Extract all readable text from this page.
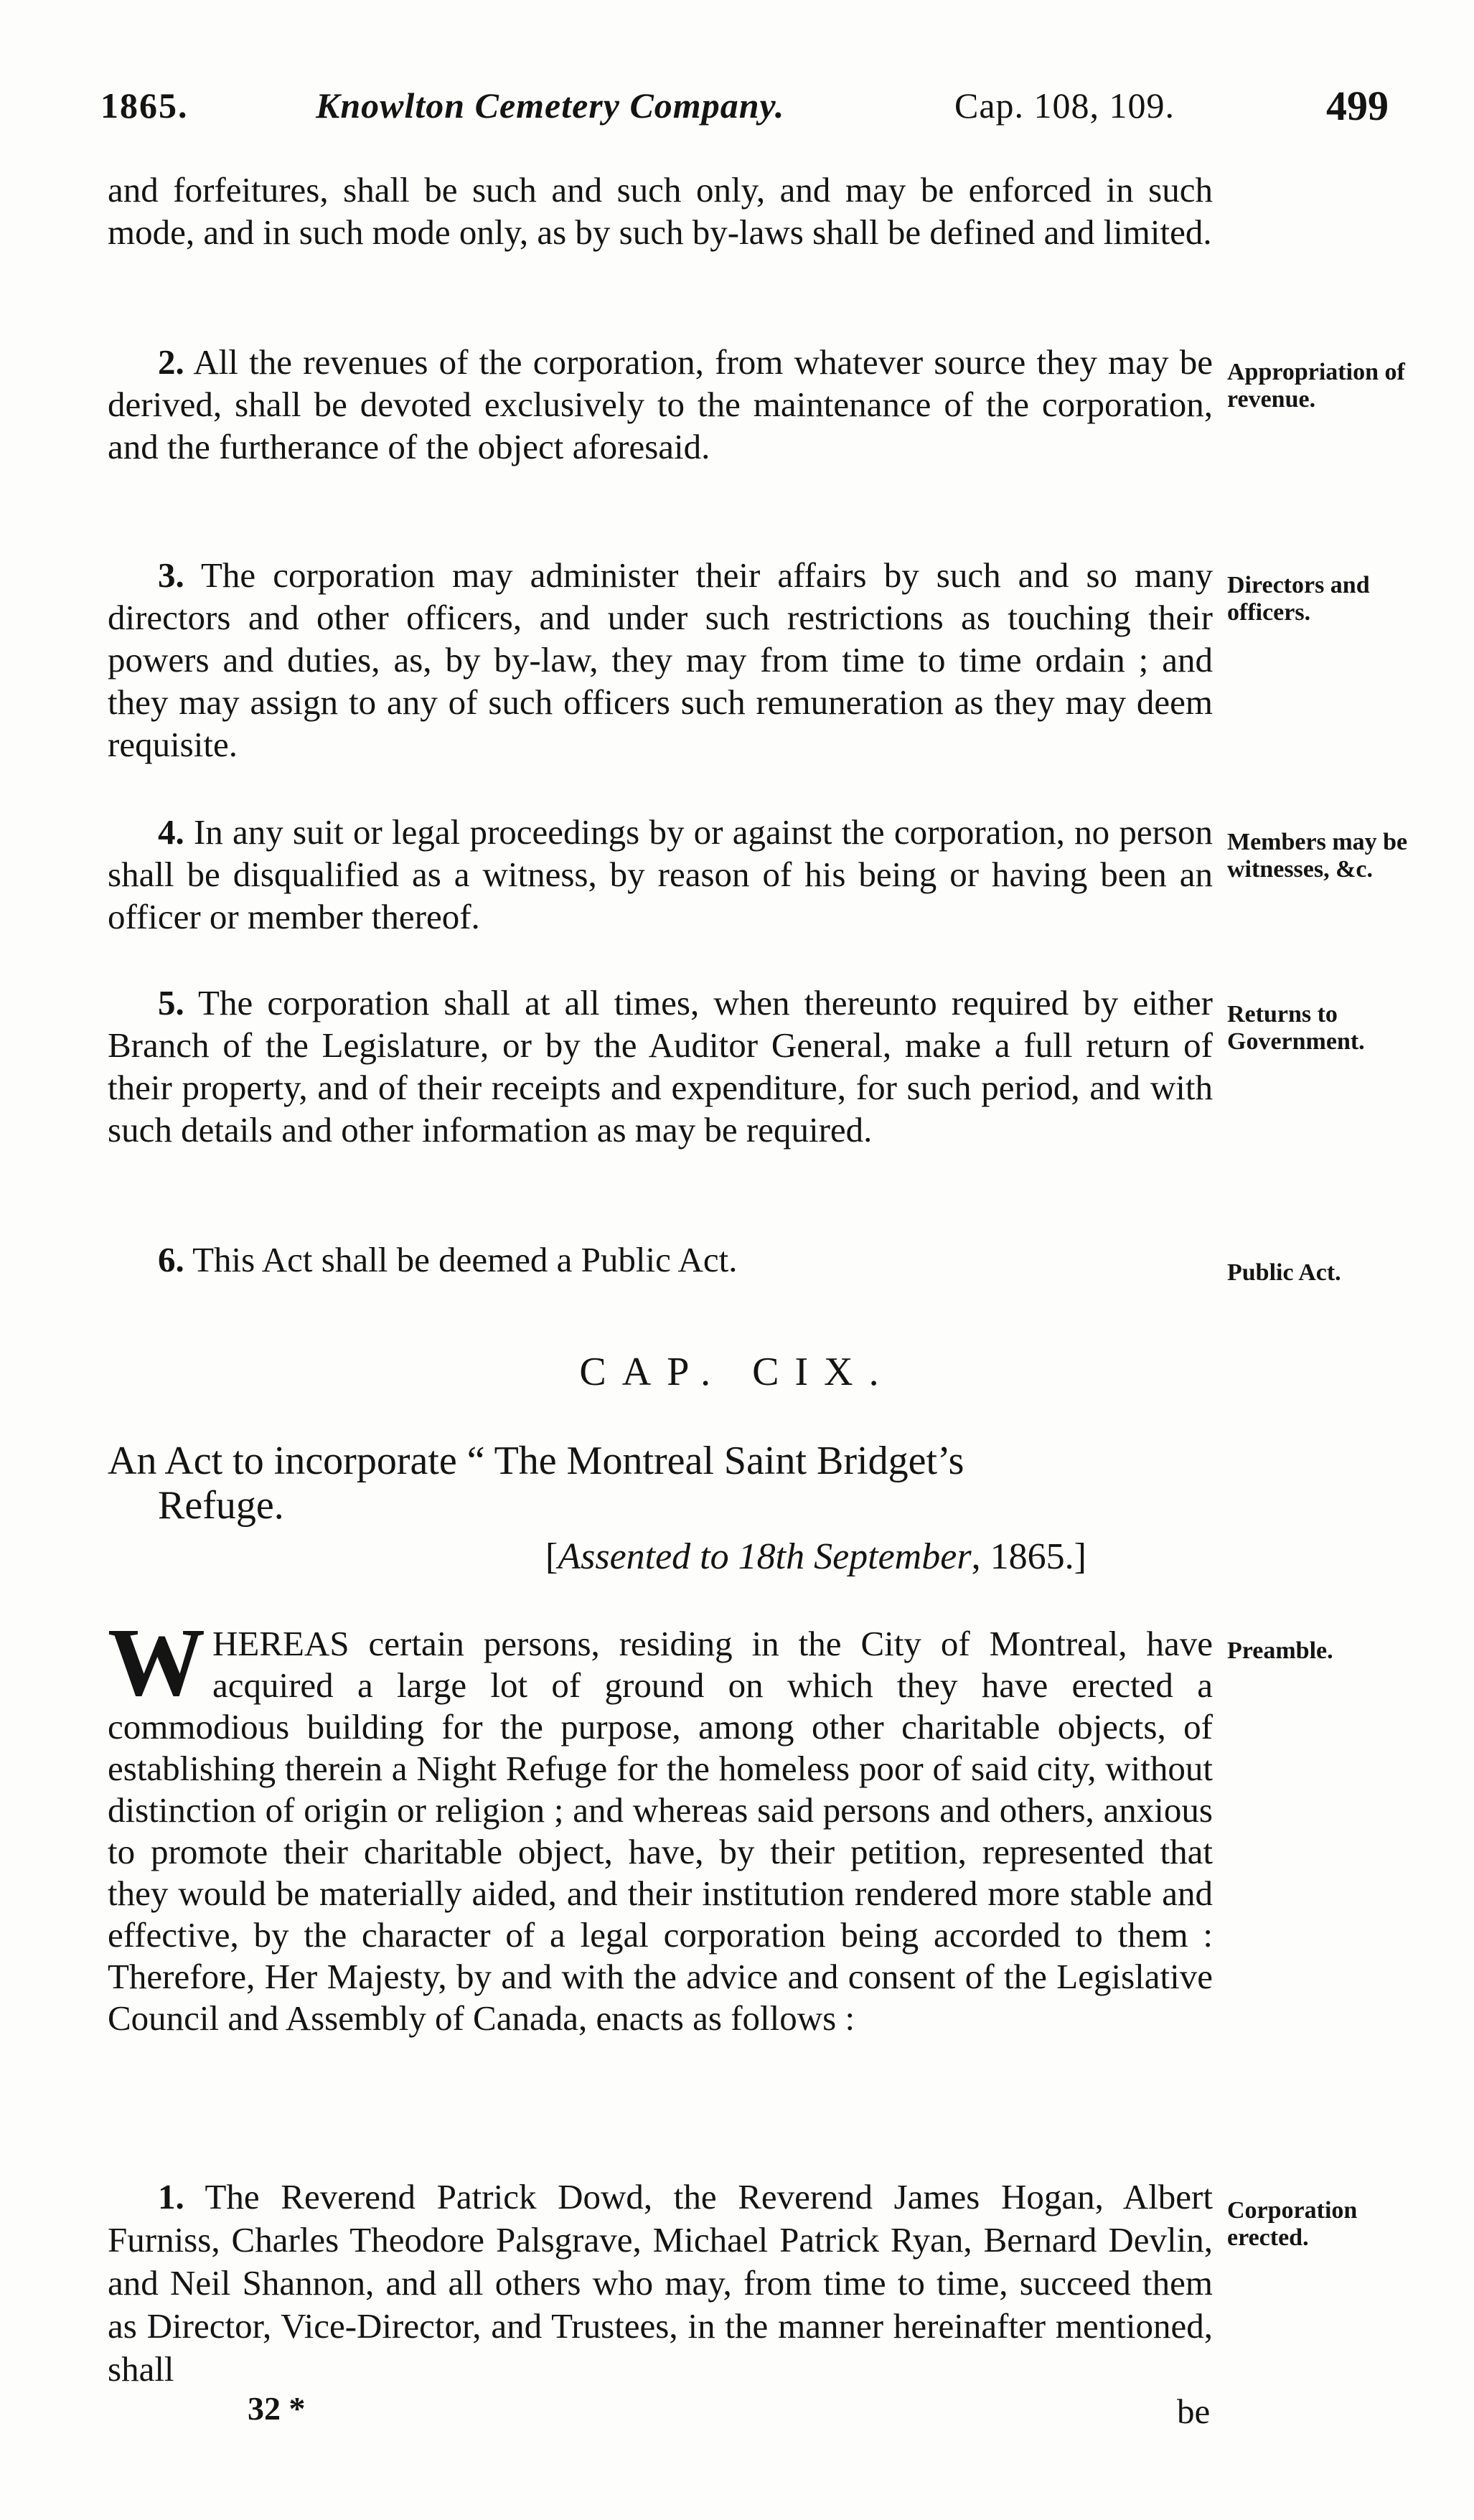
1865.	Knowlton Cemetery Company.	Cap. 108, 109.	499

and forfeitures, shall be such and such only, and may be enforced in such mode, and in such mode only, as by such by-laws shall be defined and limited.

2. All the revenues of the corporation, from whatever source they may be derived, shall be devoted exclusively to the maintenance of the corporation, and the furtherance of the object aforesaid.

Appropriation of revenue.

3. The corporation may administer their affairs by such and so many directors and other officers, and under such restrictions as touching their powers and duties, as, by by-law, they may from time to time ordain ; and they may assign to any of such officers such remuneration as they may deem requisite.

Directors and officers.

4. In any suit or legal proceedings by or against the corporation, no person shall be disqualified as a witness, by reason of his being or having been an officer or member thereof.

Members may be witnesses, &c.

5. The corporation shall at all times, when thereunto required by either Branch of the Legislature, or by the Auditor General, make a full return of their property, and of their receipts and expenditure, for such period, and with such details and other information as may be required.

Returns to Government.

6. This Act shall be deemed a Public Act.	Public Act.
CAP. CIX.
An Act to incorporate “ The Montreal Saint Bridget’s
Refuge.
[Assented to 18th September, 1865.]
WHEREAS certain persons, residing in the City of Montreal, have acquired a large lot of ground on which they have erected a commodious building for the purpose, among other charitable objects, of establishing therein a Night Refuge for the homeless poor of said city, without distinction of origin or religion ; and whereas said persons and others, anxious to promote their charitable object, have, by their petition, represented that they would be materially aided, and their institution rendered more stable and effective, by the character of a legal corporation being accorded to them : Therefore, Her Majesty, by and with the advice and consent of the Legislative Council and Assembly of Canada, enacts as follows :
Preamble.

1. The Reverend Patrick Dowd, the Reverend James Hogan, Albert Furniss, Charles Theodore Palsgrave, Michael Patrick Ryan, Bernard Devlin, and Neil Shannon, and all others who may, from time to time, succeed them as Director, Vice-Director, and Trustees, in the manner hereinafter mentioned, shall

Corporation erected.
32 *	be
